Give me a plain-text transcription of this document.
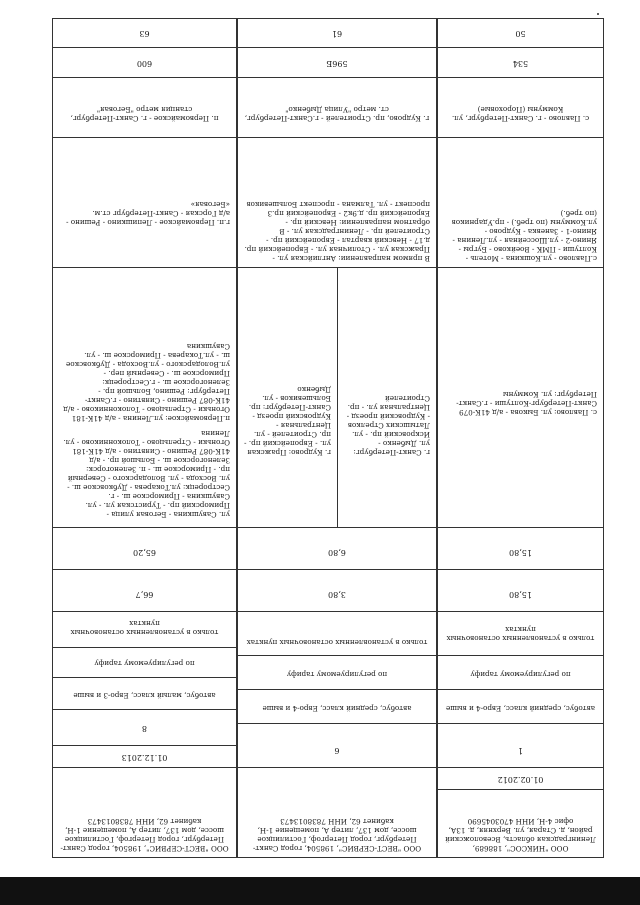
ООО "НИКСОС", 188689, Ленинградская область, Всеволожский район, д. Старая, ул. Верхняя, д. 13А, офис 4-Н, ИНН 4703045690
01.02.2012
1
автобус, средний класс, Евро-4 и выше
по регулируемому тарифу
только в установленных остановочных пунктах
15,80
15,80
с. Павлово: ул. Быкова - а/д 41К-079 Санкт-Петербург-Колтуши - г.Санкт-Петербург: ул. Коммуны
с.Павлово - ул.Кошкина - Мотель - Колтуши - ПМК - Воейково - Бугры - Янино-2 - ул.Шоссейная - ул.Ленина - Янино-1 - Заневка - Кудрово - ул.Коммуны (по треб.) - пр.Ударников (по треб.)
с. Павлово - г. Санкт-Петербург, ул. Коммуны (Пороховые)
534
50
ООО "ВЕСТ-СЕРВИС", 198504, город Санкт-Петербург, город Петергоф, Гостилицкое шоссе, дом 137, литер А, помещение 1-Н, кабинет 62, ИНН 7838013473
6
автобус, средний класс, Евро-4 и выше
по регулируемому тарифу
только в установленных остановочных пунктах
3,80
6,80
г. Санкт-Петербург: ул. Дыбенко - Искровский пр. - ул. Латышских Стрелков - Кудровский проезд - Центральная ул. - пр. Строителей
г. Кудрово: Пражская ул. - Европейский пр. - пр. Строителей - ул. Центральная - Кудровский проезд - Санкт-Петербург: пр. Большевиков - ул. Дыбенко
В прямом направлении: Английская ул. - Пражская ул. - Столичная ул. - Европейский пр. д.17 - Невский квартал - Европейский пр. - Строителей пр. - Ленинградская ул. - В обратном направлении: Невский пр. - Европейский пр. д.9к2 - Европейский пр.3 проспект - ул. Талмана - проспект Большевиков
г. Кудрово, пр. Строителей - г.Санкт-Петербург, ст. метро "Улица Дыбенко"
596Б
61
ООО "ВЕСТ-СЕРВИС", 198504, город Санкт-Петербург, город Петергоф, Гостилицкое шоссе, дом 137, литер А, помещение 1-Н, кабинет 62, ИНН 7838013473
01.12.2013
8
автобус, малый класс, Евро-3 и выше
по регулируемому тарифу
только в установленных остановочных пунктах
66,7
65,20
ул. Савушкина - Беговая улица - Приморский пр. - Туристская ул. - ул. Савушкина - Приморское ш. - г. Сестрорецк: ул.Токарева - Дубковское ш. - ул. Восхода - ул. Володарского - Северный пр. - Приморское ш. - п. Зеленогорск: Зеленогорское ш. - Большой пр. - а/д 41К-087 Решино - Сиявтино - а/д 41К-181 Огоньки - Стрельцово - Толоконниково - ул. Ленина
п.Первомайское: ул.Ленина - а/д 41К-181 Огоньки - Стрельцово - Толоконниково - а/д 41К-087 Решино - Сиявтино - г.Санкт-Петербург: Решино, Большой пр. - Зеленогорское ш. - г.Сестрорецк: Приморское ш. - Северный пер. - ул.Володарского - ул.Восхода - Дубковское ш. - ул.Токарева - Приморское ш. - ул. Савушкина
г.п. Первомайское - Лепишкино - Решино - а/д Горская - Санкт-Петербург ст.м. «Беговая»
п. Первомайское - г. Санкт-Петербург, станция метро "Беговая"
600
63
